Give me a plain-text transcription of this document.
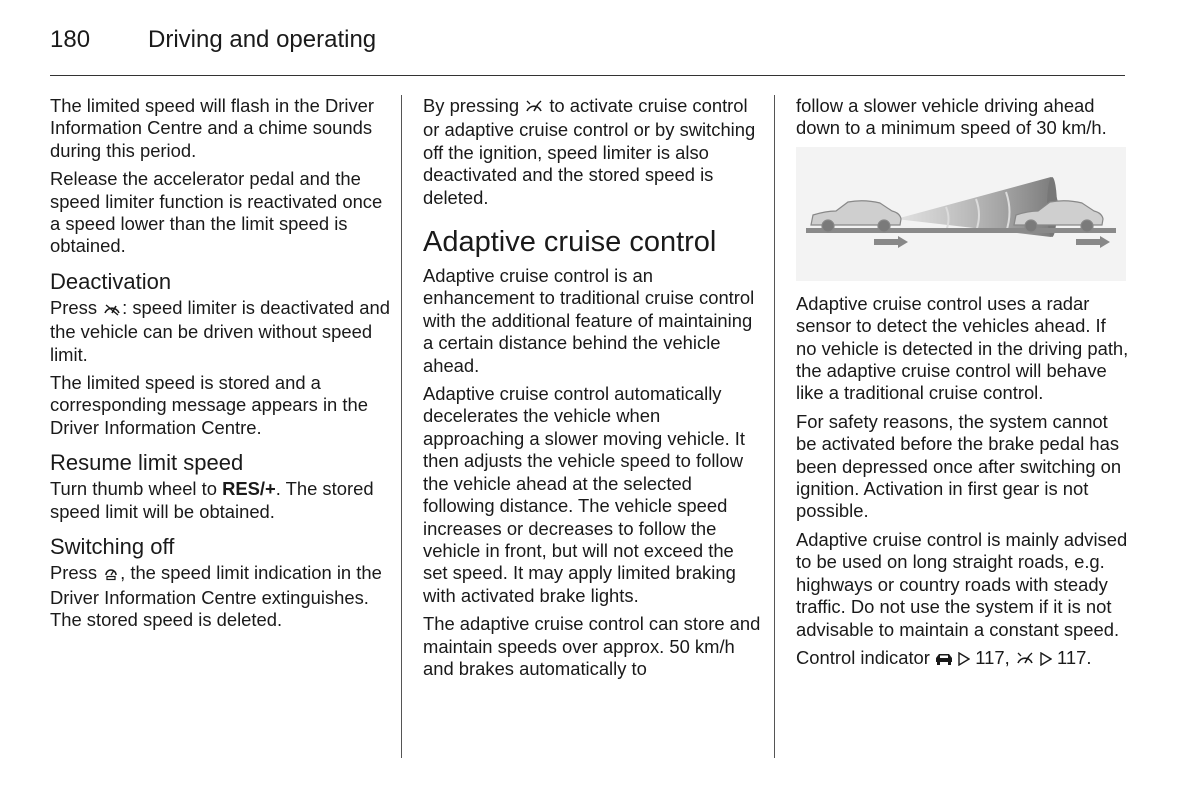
180 Driving and operating

The limited speed will flash in the Driver Information Centre and a chime sounds during this period.

Release the accelerator pedal and the speed limiter function is reactivated once a speed lower than the limit speed is obtained.

Deactivation

Press : speed limiter is deactivated and the vehicle can be driven without speed limit.

The limited speed is stored and a corresponding message appears in the Driver Information Centre.

Resume limit speed

Turn thumb wheel to RES/+. The stored speed limit will be obtained.

Switching off

Press , the speed limit indication in the Driver Information Centre extinguishes. The stored speed is deleted.

By pressing  to activate cruise control or adaptive cruise control or by switching off the ignition, speed limiter is also deactivated and the stored speed is deleted.

Adaptive cruise control

Adaptive cruise control is an enhancement to traditional cruise control with the additional feature of maintaining a certain distance behind the vehicle ahead.

Adaptive cruise control automatically decelerates the vehicle when approaching a slower moving vehicle. It then adjusts the vehicle speed to follow the vehicle ahead at the selected following distance. The vehicle speed increases or decreases to follow the vehicle in front, but will not exceed the set speed. It may apply limited braking with activated brake lights.

The adaptive cruise control can store and maintain speeds over approx. 50 km/h and brakes automatically to

follow a slower vehicle driving ahead down to a minimum speed of 30 km/h.

Adaptive cruise control uses a radar sensor to detect the vehicles ahead. If no vehicle is detected in the driving path, the adaptive cruise control will behave like a traditional cruise control.

For safety reasons, the system cannot be activated before the brake pedal has been depressed once after switching on ignition. Activation in first gear is not possible.

Adaptive cruise control is mainly advised to be used on long straight roads, e.g. highways or country roads with steady traffic. Do not use the system if it is not advisable to maintain a constant speed.

Control indicator   117,   117.
